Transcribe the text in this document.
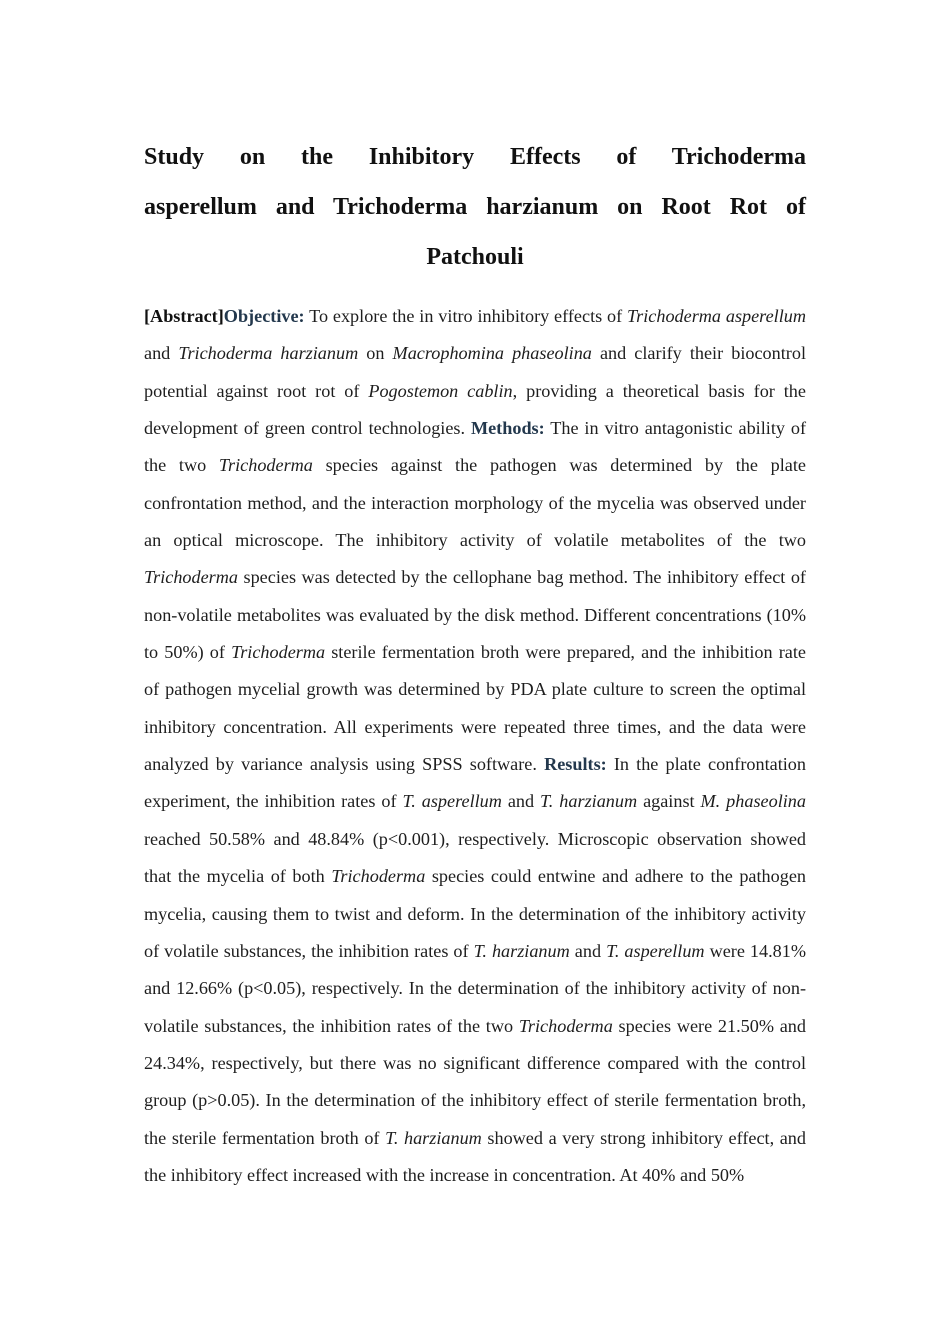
Study on the Inhibitory Effects of Trichoderma
asperellum and Trichoderma harzianum on Root Rot of
Patchouli

[Abstract]Objective: To explore the in vitro inhibitory effects of Trichoderma asperellum and Trichoderma harzianum on Macrophomina phaseolina and clarify their biocontrol potential against root rot of Pogostemon cablin, providing a theoretical basis for the development of green control technologies. Methods: The in vitro antagonistic ability of the two Trichoderma species against the pathogen was determined by the plate confrontation method, and the interaction morphology of the mycelia was observed under an optical microscope. The inhibitory activity of volatile metabolites of the two Trichoderma species was detected by the cellophane bag method. The inhibitory effect of non-volatile metabolites was evaluated by the disk method. Different concentrations (10% to 50%) of Trichoderma sterile fermentation broth were prepared, and the inhibition rate of pathogen mycelial growth was determined by PDA plate culture to screen the optimal inhibitory concentration. All experiments were repeated three times, and the data were analyzed by variance analysis using SPSS software. Results: In the plate confrontation experiment, the inhibition rates of T. asperellum and T. harzianum against M. phaseolina reached 50.58% and 48.84% (p<0.001), respectively. Microscopic observation showed that the mycelia of both Trichoderma species could entwine and adhere to the pathogen mycelia, causing them to twist and deform. In the determination of the inhibitory activity of volatile substances, the inhibition rates of T. harzianum and T. asperellum were 14.81% and 12.66% (p<0.05), respectively. In the determination of the inhibitory activity of non-volatile substances, the inhibition rates of the two Trichoderma species were 21.50% and 24.34%, respectively, but there was no significant difference compared with the control group (p>0.05). In the determination of the inhibitory effect of sterile fermentation broth, the sterile fermentation broth of T. harzianum showed a very strong inhibitory effect, and the inhibitory effect increased with the increase in concentration. At 40% and 50%
